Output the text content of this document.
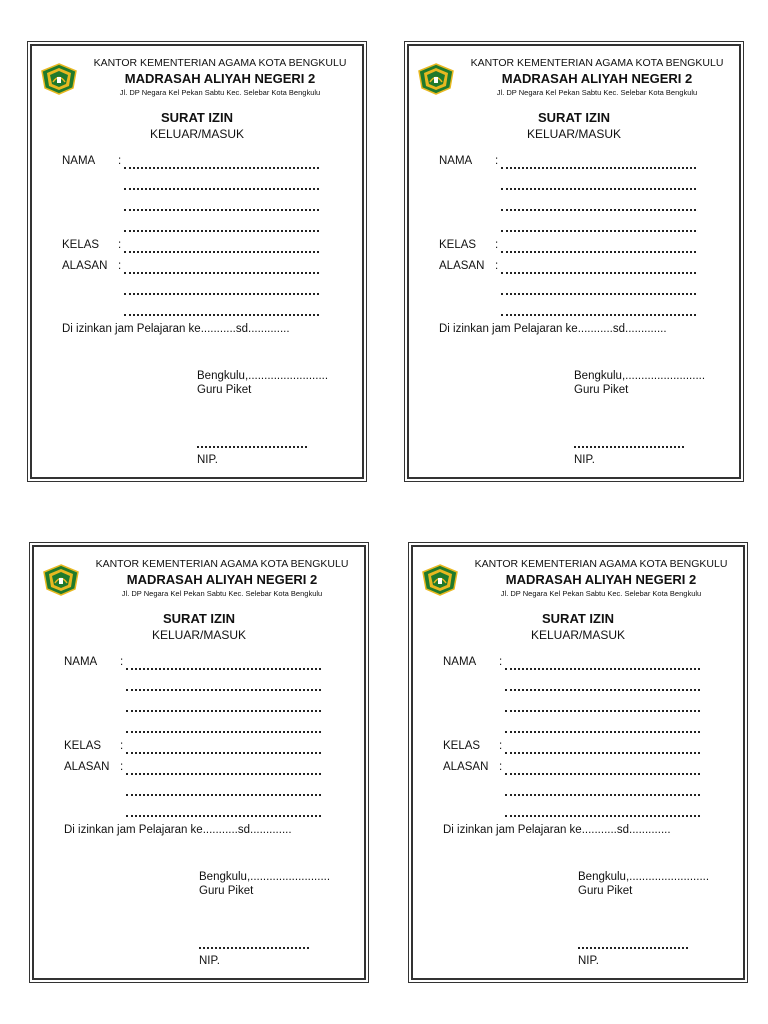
KANTOR KEMENTERIAN AGAMA KOTA BENGKULU
MADRASAH ALIYAH NEGERI 2
Jl. DP Negara Kel Pekan Sabtu Kec. Selebar Kota Bengkulu
SURAT IZIN
KELUAR/MASUK
NAMA :
KELAS :
ALASAN :
Di izinkan jam Pelajaran ke...........sd.............
Bengkulu,.........................
Guru Piket
NIP.
KANTOR KEMENTERIAN AGAMA KOTA BENGKULU
MADRASAH ALIYAH NEGERI 2
Jl. DP Negara Kel Pekan Sabtu Kec. Selebar Kota Bengkulu
SURAT IZIN
KELUAR/MASUK
NAMA :
KELAS :
ALASAN :
Di izinkan jam Pelajaran ke...........sd.............
Bengkulu,.........................
Guru Piket
NIP.
KANTOR KEMENTERIAN AGAMA KOTA BENGKULU
MADRASAH ALIYAH NEGERI 2
Jl. DP Negara Kel Pekan Sabtu Kec. Selebar Kota Bengkulu
SURAT IZIN
KELUAR/MASUK
NAMA :
KELAS :
ALASAN :
Di izinkan jam Pelajaran ke...........sd.............
Bengkulu,.........................
Guru Piket
NIP.
KANTOR KEMENTERIAN AGAMA KOTA BENGKULU
MADRASAH ALIYAH NEGERI 2
Jl. DP Negara Kel Pekan Sabtu Kec. Selebar Kota Bengkulu
SURAT IZIN
KELUAR/MASUK
NAMA :
KELAS :
ALASAN :
Di izinkan jam Pelajaran ke...........sd.............
Bengkulu,.........................
Guru Piket
NIP.
